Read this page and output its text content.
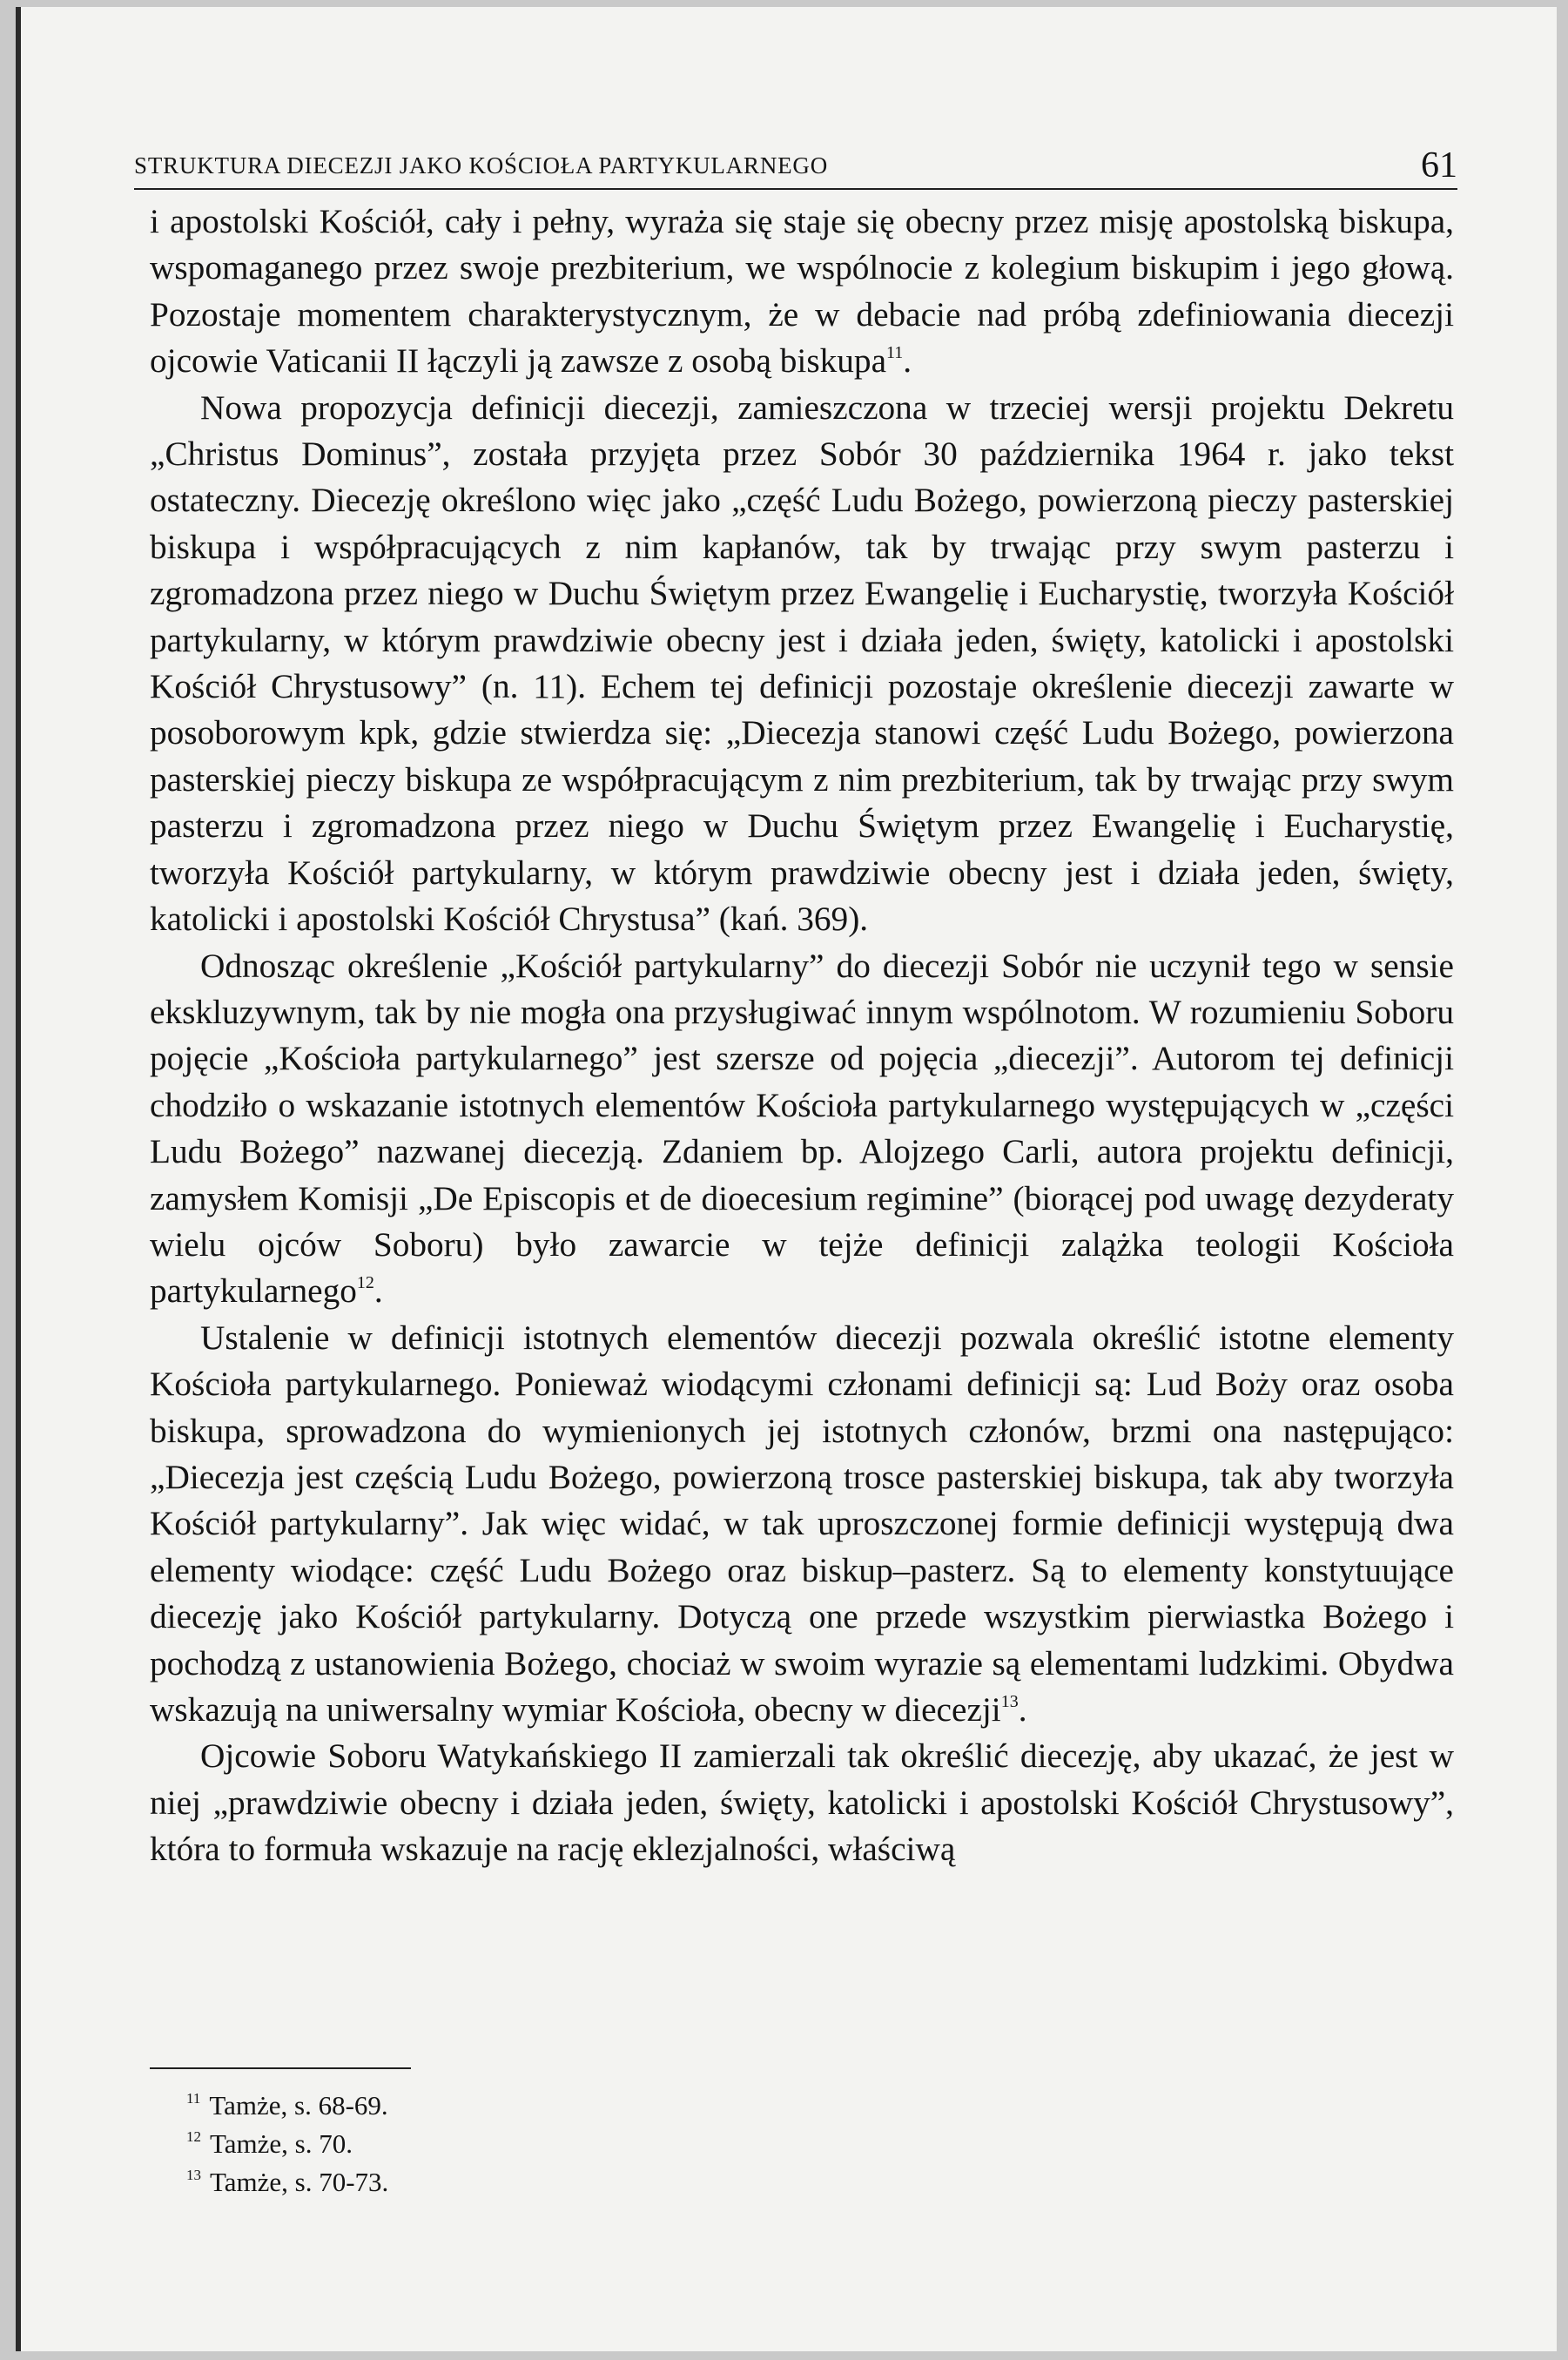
STRUKTURA DIECEZJI JAKO KOŚCIOŁA PARTYKULARNEGO	61

i apostolski Kościół, cały i pełny, wyraża się staje się obecny przez misję apostolską biskupa, wspomaganego przez swoje prezbiterium, we wspólnocie z kolegium biskupim i jego głową. Pozostaje momentem charakterystycznym, że w debacie nad próbą zdefiniowania diecezji ojcowie Vaticanii II łączyli ją zawsze z osobą biskupa$^{11}$.

Nowa propozycja definicji diecezji, zamieszczona w trzeciej wersji projektu Dekretu „Christus Dominus”, została przyjęta przez Sobór 30 października 1964 r. jako tekst ostateczny. Diecezję określono więc jako „część Ludu Bożego, powierzoną pieczy pasterskiej biskupa i współpracujących z nim kapłanów, tak by trwając przy swym pasterzu i zgromadzona przez niego w Duchu Świętym przez Ewangelię i Eucharystię, tworzyła Kościół partykularny, w którym prawdziwie obecny jest i działa jeden, święty, katolicki i apostolski Kościół Chrystusowy” (n. 11). Echem tej definicji pozostaje określenie diecezji zawarte w posoborowym kpk, gdzie stwierdza się: „Diecezja stanowi część Ludu Bożego, powierzona pasterskiej pieczy biskupa ze współpracującym z nim prezbiterium, tak by trwając przy swym pasterzu i zgromadzona przez niego w Duchu Świętym przez Ewangelię i Eucharystię, tworzyła Kościół partykularny, w którym prawdziwie obecny jest i działa jeden, święty, katolicki i apostolski Kościół Chrystusa” (kań. 369).

Odnosząc określenie „Kościół partykularny” do diecezji Sobór nie uczynił tego w sensie ekskluzywnym, tak by nie mogła ona przysługiwać innym wspólnotom. W rozumieniu Soboru pojęcie „Kościoła partykularnego” jest szersze od pojęcia „diecezji”. Autorom tej definicji chodziło o wskazanie istotnych elementów Kościoła partykularnego występujących w „części Ludu Bożego” nazwanej diecezją. Zdaniem bp. Alojzego Carli, autora projektu definicji, zamysłem Komisji „De Episcopis et de dioecesium regimine” (biorącej pod uwagę dezyderaty wielu ojców Soboru) było zawarcie w tejże definicji zalążka teologii Kościoła partykularnego$^{12}$.

Ustalenie w definicji istotnych elementów diecezji pozwala określić istotne elementy Kościoła partykularnego. Ponieważ wiodącymi członami definicji są: Lud Boży oraz osoba biskupa, sprowadzona do wymienionych jej istotnych członów, brzmi ona następująco: „Diecezja jest częścią Ludu Bożego, powierzoną trosce pasterskiej biskupa, tak aby tworzyła Kościół partykularny”. Jak więc widać, w tak uproszczonej formie definicji występują dwa elementy wiodące: część Ludu Bożego oraz biskup–pasterz. Są to elementy konstytuujące diecezję jako Kościół partykularny. Dotyczą one przede wszystkim pierwiastka Bożego i pochodzą z ustanowienia Bożego, chociaż w swoim wyrazie są elementami ludzkimi. Obydwa wskazują na uniwersalny wymiar Kościoła, obecny w diecezji$^{13}$.

Ojcowie Soboru Watykańskiego II zamierzali tak określić diecezję, aby ukazać, że jest w niej „prawdziwie obecny i działa jeden, święty, katolicki i apostolski Kościół Chrystusowy”, która to formuła wskazuje na rację eklezjalności, właściwą

$^{11}$ Tamże, s. 68-69.
$^{12}$ Tamże, s. 70.
$^{13}$ Tamże, s. 70-73.
